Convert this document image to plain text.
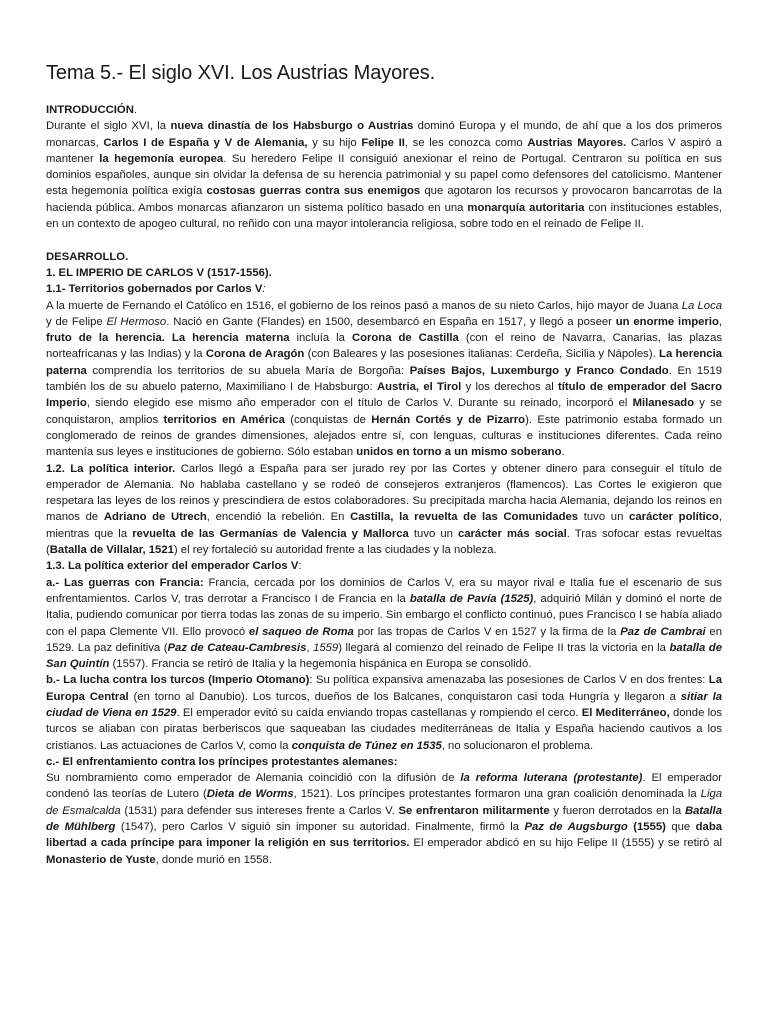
Tema 5.- El siglo XVI. Los Austrias Mayores.

INTRODUCCIÓN.

Durante el siglo XVI, la nueva dinastía de los Habsburgo o Austrias dominó Europa y el mundo, de ahí que a los dos primeros monarcas, Carlos I de España y V de Alemania, y su hijo Felipe II, se les conozca como Austrias Mayores. Carlos V aspiró a mantener la hegemonía europea. Su heredero Felipe II consiguió anexionar el reino de Portugal. Centraron su política en sus dominios españoles, aunque sin olvidar la defensa de su herencia patrimonial y su papel como defensores del catolicismo. Mantener esta hegemonía política exigía costosas guerras contra sus enemigos que agotaron los recursos y provocaron bancarrotas de la hacienda pública. Ambos monarcas afianzaron un sistema político basado en una monarquía autoritaria con instituciones estables, en un contexto de apogeo cultural, no reñido con una mayor intolerancia religiosa, sobre todo en el reinado de Felipe II.

DESARROLLO.

1. EL IMPERIO DE CARLOS V (1517-1556).

1.1- Territorios gobernados por Carlos V:

A la muerte de Fernando el Católico en 1516, el gobierno de los reinos pasó a manos de su nieto Carlos, hijo mayor de Juana La Loca y de Felipe El Hermoso. Nació en Gante (Flandes) en 1500, desembarcó en España en 1517, y llegó a poseer un enorme imperio, fruto de la herencia. La herencia materna incluía la Corona de Castilla (con el reino de Navarra, Canarias, las plazas norteafricanas y las Indias) y la Corona de Aragón (con Baleares y las posesiones italianas: Cerdeña, Sicilia y Nápoles). La herencia paterna comprendía los territorios de su abuela María de Borgoña: Países Bajos, Luxemburgo y Franco Condado. En 1519 también los de su abuelo paterno, Maximiliano I de Habsburgo: Austria, el Tirol y los derechos al título de emperador del Sacro Imperio, siendo elegido ese mismo año emperador con el título de Carlos V. Durante su reinado, incorporó el Milanesado y se conquistaron, amplios territorios en América (conquistas de Hernán Cortés y de Pizarro). Este patrimonio estaba formado un conglomerado de reinos de grandes dimensiones, alejados entre sí, con lenguas, culturas e instituciones diferentes. Cada reino mantenía sus leyes e instituciones de gobierno. Sólo estaban unidos en torno a un mismo soberano.

1.2. La política interior. Carlos llegó a España para ser jurado rey por las Cortes y obtener dinero para conseguir el título de emperador de Alemania. No hablaba castellano y se rodeó de consejeros extranjeros (flamencos). Las Cortes le exigieron que respetara las leyes de los reinos y prescindiera de estos colaboradores. Su precipitada marcha hacia Alemania, dejando los reinos en manos de Adriano de Utrech, encendió la rebelión. En Castilla, la revuelta de las Comunidades tuvo un carácter político, mientras que la revuelta de las Germanías de Valencia y Mallorca tuvo un carácter más social. Tras sofocar estas revueltas (Batalla de Villalar, 1521) el rey fortaleció su autoridad frente a las ciudades y la nobleza.

1.3. La política exterior del emperador Carlos V:

a.- Las guerras con Francia: Francia, cercada por los dominios de Carlos V, era su mayor rival e Italia fue el escenario de sus enfrentamientos. Carlos V, tras derrotar a Francisco I de Francia en la batalla de Pavía (1525), adquirió Milán y dominó el norte de Italia, pudiendo comunicar por tierra todas las zonas de su imperio. Sin embargo el conflicto continuó, pues Francisco I se había aliado con el papa Clemente VII. Ello provocó el saqueo de Roma por las tropas de Carlos V en 1527 y la firma de la Paz de Cambrai en 1529. La paz definitiva (Paz de Cateau-Cambresis, 1559) llegará al comienzo del reinado de Felipe II tras la victoria en la batalla de San Quintín (1557). Francia se retiró de Italia y la hegemonía hispánica en Europa se consolidó.

b.- La lucha contra los turcos (Imperio Otomano): Su política expansiva amenazaba las posesiones de Carlos V en dos frentes: La Europa Central (en torno al Danubio). Los turcos, dueños de los Balcanes, conquistaron casi toda Hungría y llegaron a sitiar la ciudad de Viena en 1529. El emperador evitó su caída enviando tropas castellanas y rompiendo el cerco. El Mediterráneo, donde los turcos se aliaban con piratas berberiscos que saqueaban las ciudades mediterráneas de Italia y España haciendo cautivos a los cristianos. Las actuaciones de Carlos V, como la conquista de Túnez en 1535, no solucionaron el problema.

c.- El enfrentamiento contra los príncipes protestantes alemanes:

Su nombramiento como emperador de Alemania coincidió con la difusión de la reforma luterana (protestante). El emperador condenó las teorías de Lutero (Dieta de Worms, 1521). Los príncipes protestantes formaron una gran coalición denominada la Liga de Esmalcalda (1531) para defender sus intereses frente a Carlos V. Se enfrentaron militarmente y fueron derrotados en la Batalla de Mühlberg (1547), pero Carlos V siguió sin imponer su autoridad. Finalmente, firmó la Paz de Augsburgo (1555) que daba libertad a cada príncipe para imponer la religión en sus territorios. El emperador abdicó en su hijo Felipe II (1555) y se retiró al Monasterio de Yuste, donde murió en 1558.
